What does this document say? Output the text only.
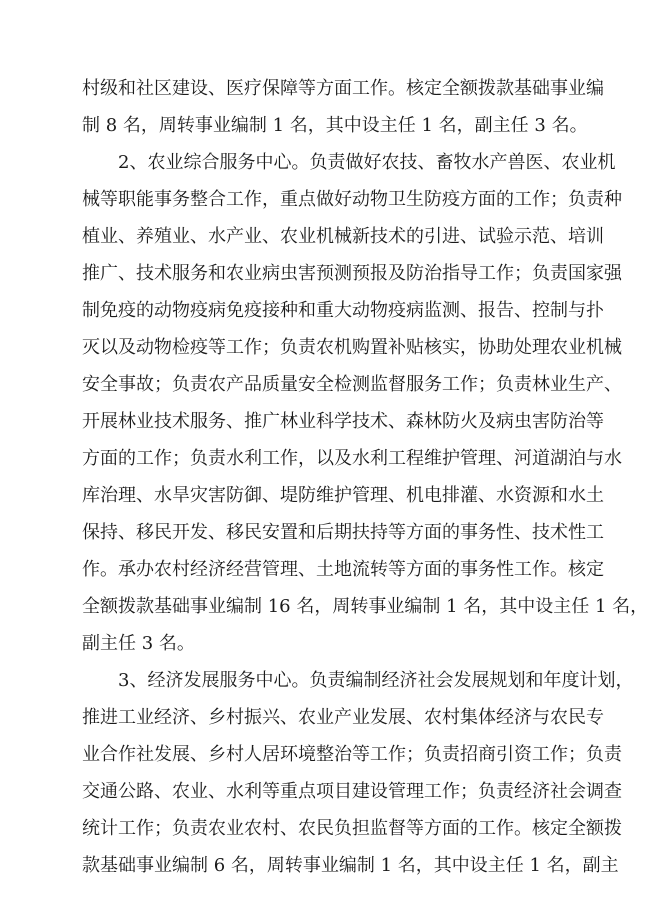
村级和社区建设、医疗保障等方面工作。核定全额拨款基础事业编
制 8 名，周转事业编制 1 名，其中设主任 1 名，副主任 3 名。
2、农业综合服务中心。负责做好农技、畜牧水产兽医、农业机
械等职能事务整合工作，重点做好动物卫生防疫方面的工作；负责种
植业、养殖业、水产业、农业机械新技术的引进、试验示范、培训
推广、技术服务和农业病虫害预测预报及防治指导工作；负责国家强
制免疫的动物疫病免疫接种和重大动物疫病监测、报告、控制与扑
灭以及动物检疫等工作；负责农机购置补贴核实，协助处理农业机械
安全事故；负责农产品质量安全检测监督服务工作；负责林业生产、
开展林业技术服务、推广林业科学技术、森林防火及病虫害防治等
方面的工作；负责水利工作，以及水利工程维护管理、河道湖泊与水
库治理、水旱灾害防御、堤防维护管理、机电排灌、水资源和水土
保持、移民开发、移民安置和后期扶持等方面的事务性、技术性工
作。承办农村经济经营管理、土地流转等方面的事务性工作。核定
全额拨款基础事业编制 16 名，周转事业编制 1 名，其中设主任 1 名，
副主任 3 名。
3、经济发展服务中心。负责编制经济社会发展规划和年度计划，
推进工业经济、乡村振兴、农业产业发展、农村集体经济与农民专
业合作社发展、乡村人居环境整治等工作；负责招商引资工作；负责
交通公路、农业、水利等重点项目建设管理工作；负责经济社会调查
统计工作；负责农业农村、农民负担监督等方面的工作。核定全额拨
款基础事业编制 6 名，周转事业编制 1 名，其中设主任 1 名，副主
